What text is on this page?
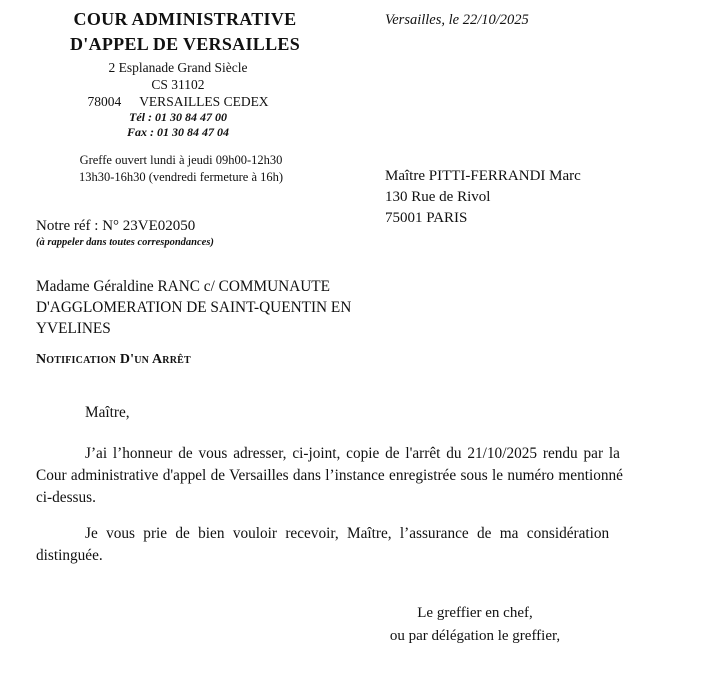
COUR ADMINISTRATIVE
D'APPEL DE VERSAILLES
2 Esplanade Grand Siècle
CS 31102
78004 VERSAILLES CEDEX
Tél : 01 30 84 47 00
Fax : 01 30 84 47 04
Greffe ouvert lundi à jeudi 09h00-12h30
13h30-16h30 (vendredi fermeture à 16h)
Versailles, le 22/10/2025
Maître PITTI-FERRANDI Marc
130 Rue de Rivol
75001 PARIS
Notre réf : N° 23VE02050
(à rappeler dans toutes correspondances)
Madame Géraldine RANC c/ COMMUNAUTE
D'AGGLOMERATION DE SAINT-QUENTIN EN
YVELINES
Notification D'un Arrêt
Maître,
J’ai l’honneur de vous adresser, ci-joint, copie de l'arrêt du 21/10/2025 rendu par la
Cour administrative d'appel de Versailles dans l’instance enregistrée sous le numéro mentionné
ci-dessus.
Je vous prie de bien vouloir recevoir, Maître, l’assurance de ma considération
distinguée.
Le greffier en chef,
ou par délégation le greffier,
